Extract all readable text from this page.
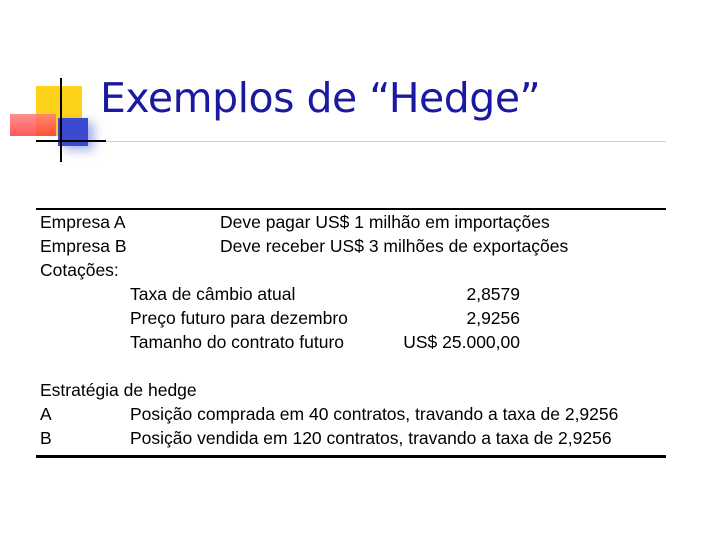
Exemplos de “Hedge”
Empresa A	Deve pagar US$ 1 milhão em importações
Empresa B	Deve receber US$ 3 milhões de exportações
Cotações:
Taxa de câmbio atual	2,8579
Preço futuro para dezembro	2,9256
Tamanho do contrato futuro	US$ 25.000,00
Estratégia de hedge
A	Posição comprada em 40 contratos, travando a taxa de 2,9256
B	Posição vendida em 120 contratos, travando a taxa de 2,9256
